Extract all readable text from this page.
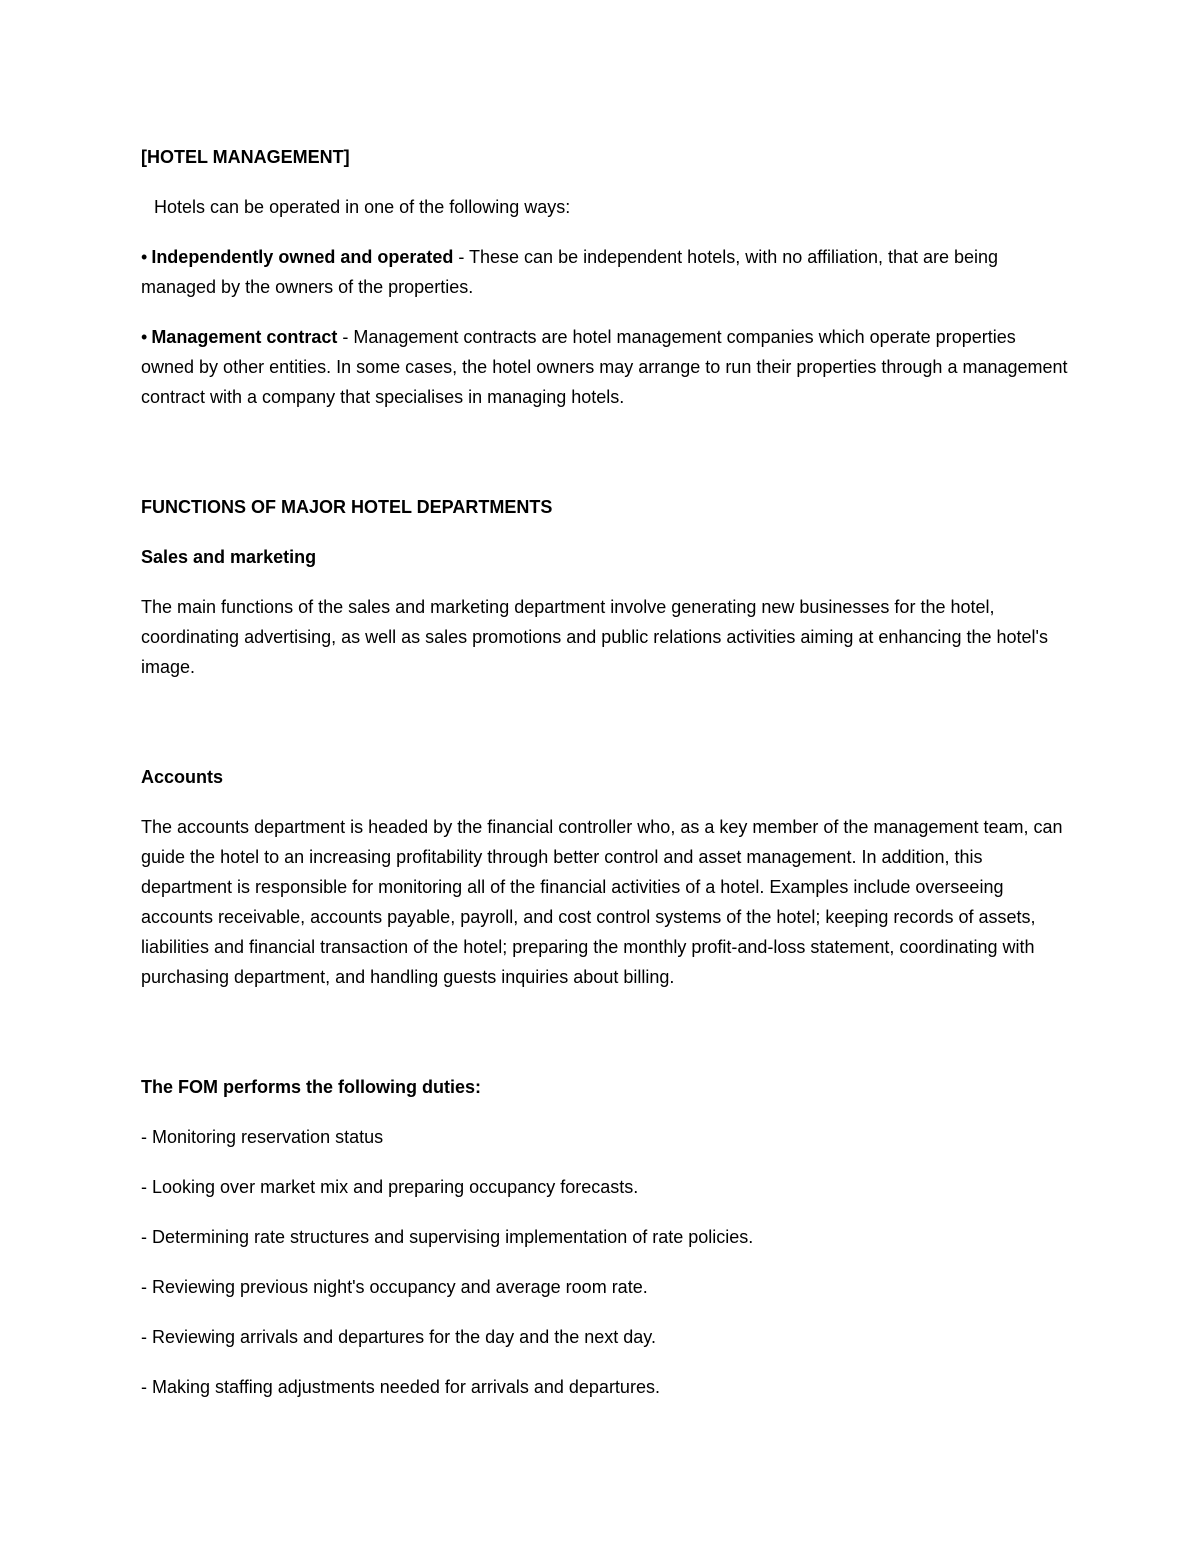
[HOTEL MANAGEMENT]

Hotels can be operated in one of the following ways:

• Independently owned and operated - These can be independent hotels, with no affiliation, that are being managed by the owners of the properties.

• Management contract - Management contracts are hotel management companies which operate properties owned by other entities. In some cases, the hotel owners may arrange to run their properties through a management contract with a company that specialises in managing hotels.

FUNCTIONS OF MAJOR HOTEL DEPARTMENTS

Sales and marketing

The main functions of the sales and marketing department involve generating new businesses for the hotel, coordinating advertising, as well as sales promotions and public relations activities aiming at enhancing the hotel's image.

Accounts

The accounts department is headed by the financial controller who, as a key member of the management team, can guide the hotel to an increasing profitability through better control and asset management. In addition, this department is responsible for monitoring all of the financial activities of a hotel. Examples include overseeing accounts receivable, accounts payable, payroll, and cost control systems of the hotel; keeping records of assets, liabilities and financial transaction of the hotel; preparing the monthly profit-and-loss statement, coordinating with purchasing department, and handling guests inquiries about billing.

The FOM performs the following duties:

- Monitoring reservation status

- Looking over market mix and preparing occupancy forecasts.

- Determining rate structures and supervising implementation of rate policies.

- Reviewing previous night's occupancy and average room rate.

- Reviewing arrivals and departures for the day and the next day.

- Making staffing adjustments needed for arrivals and departures.
